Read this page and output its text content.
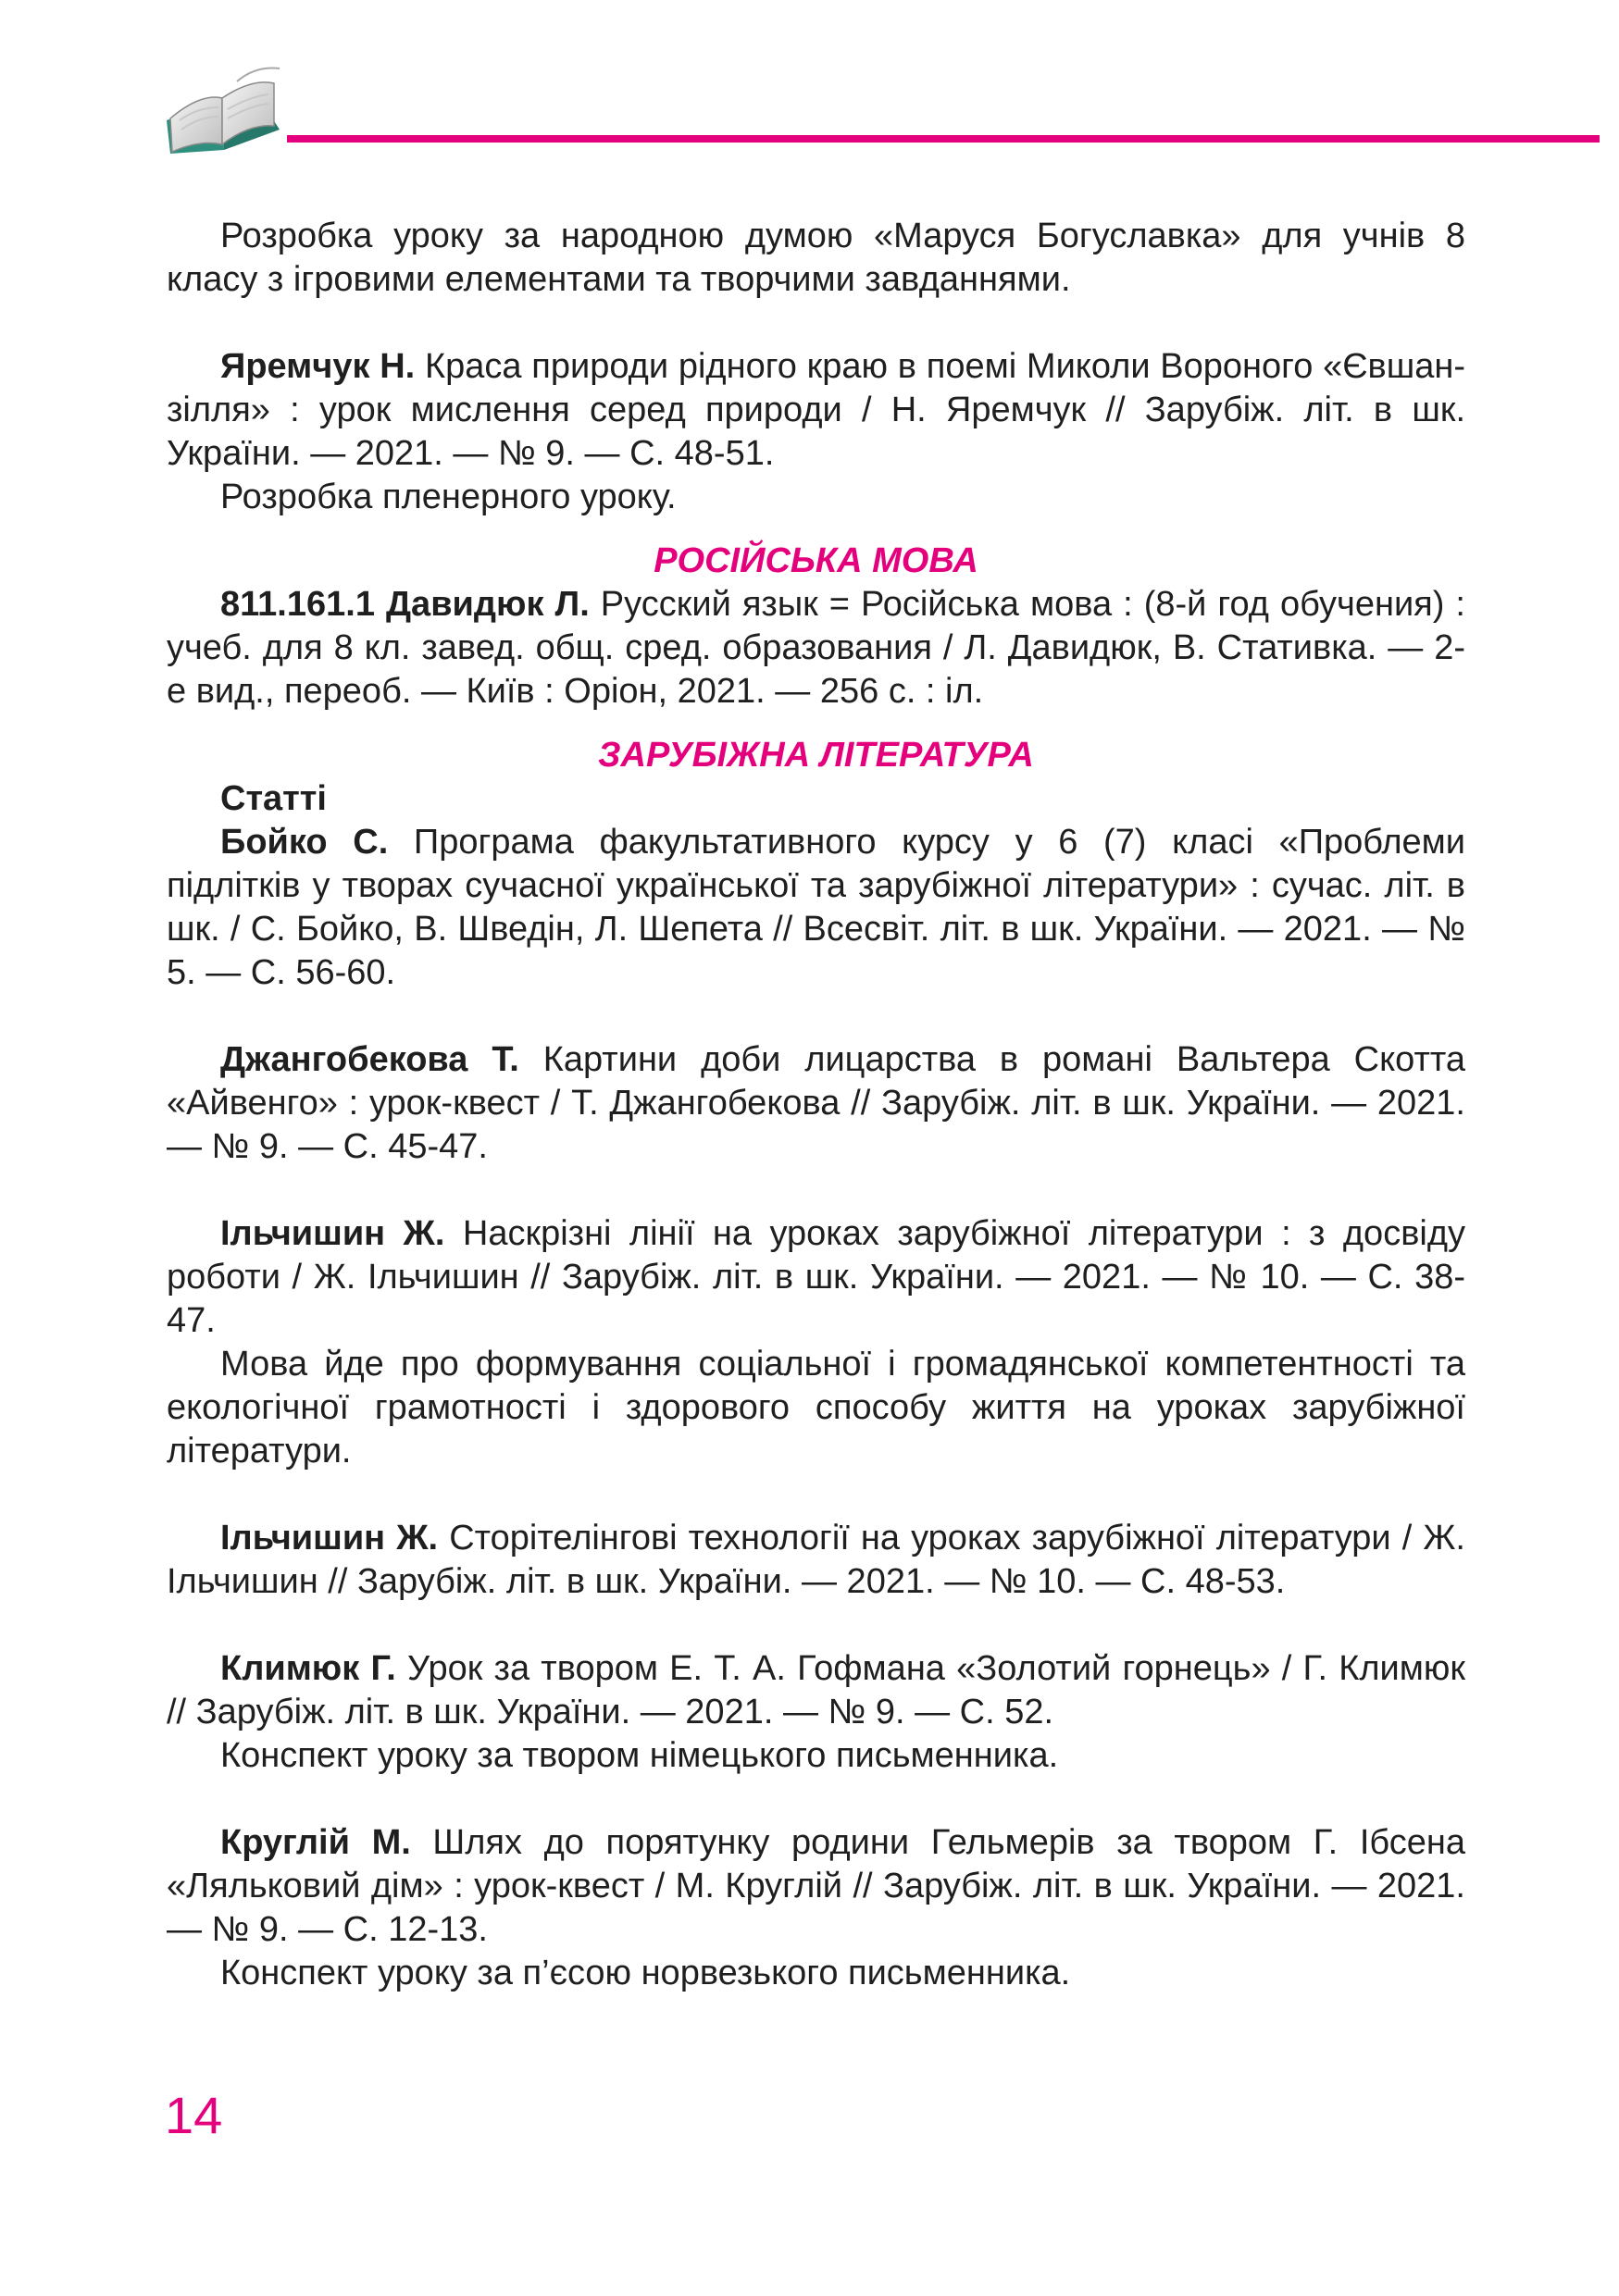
Розробка уроку за народною думою «Маруся Богуславка» для учнів 8 класу з ігровими елементами та творчими завданнями.

Яремчук Н. Краса природи рідного краю в поемі Миколи Вороного «Євшан-зілля» : урок мислення серед природи / Н. Яремчук // Зарубіж. літ. в шк. України. — 2021. — № 9. — С. 48-51.

Розробка пленерного уроку.

РОСІЙСЬКА МОВА

811.161.1 Давидюк Л. Русский язык = Російська мова : (8-й год обучения) : учеб. для 8 кл. завед. общ. сред. образования / Л. Давидюк, В. Стативка. — 2-е вид., переоб. — Київ : Оріон, 2021. — 256 с. : іл.

ЗАРУБІЖНА ЛІТЕРАТУРА

Статті

Бойко С. Програма факультативного курсу у 6 (7) класі «Проблеми підлітків у творах сучасної української та зарубіжної літератури» : сучас. літ. в шк. / С. Бойко, В. Шведін, Л. Шепета // Всесвіт. літ. в шк. України. — 2021. — № 5. — С. 56-60.

Джангобекова Т. Картини доби лицарства в романі Вальтера Скотта «Айвенго» : урок-квест / Т. Джангобекова // Зарубіж. літ. в шк. України. — 2021. — № 9. — С. 45-47.

Ільчишин Ж. Наскрізні лінії на уроках зарубіжної літератури : з досвіду роботи / Ж. Ільчишин // Зарубіж. літ. в шк. України. — 2021. — № 10. — С. 38-47.

Мова йде про формування соціальної і громадянської компетентності та екологічної грамотності і здорового способу життя на уроках зарубіжної літератури.

Ільчишин Ж. Сторітелінгові технології на уроках зарубіжної літератури / Ж. Ільчишин // Зарубіж. літ. в шк. України. — 2021. — № 10. — С. 48-53.

Климюк Г. Урок за твором Е. Т. А. Гофмана «Золотий горнець» / Г. Климюк // Зарубіж. літ. в шк. України. — 2021. — № 9. — С. 52.

Конспект уроку за твором німецького письменника.

Круглій М. Шлях до порятунку родини Гельмерів за твором Г. Ібсена «Ляльковий дім» : урок-квест / М. Круглій // Зарубіж. літ. в шк. України. — 2021. — № 9. — С. 12-13.

Конспект уроку за п’єсою норвезького письменника.

14
